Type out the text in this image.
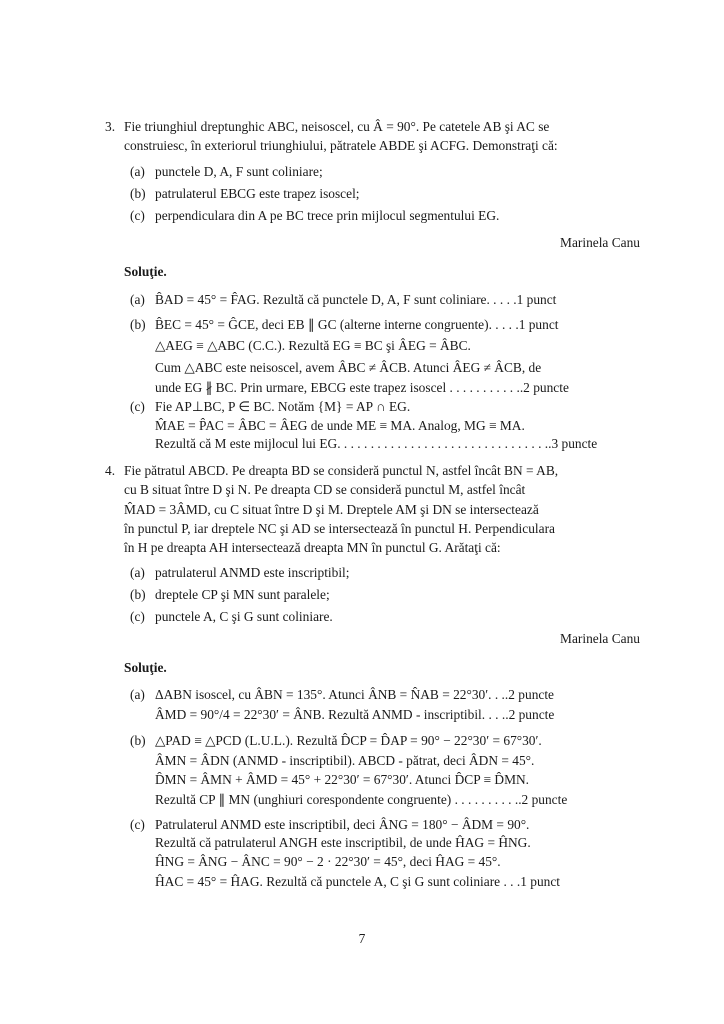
3. Fie triunghiul dreptunghic ABC, neisoscel, cu Â = 90°. Pe catetele AB şi AC se
construiesc, în exteriorul triunghiului, pătratele ABDE şi ACFG. Demonstraţi că:
(a) punctele D, A, F sunt coliniare;
(b) patrulaterul EBCG este trapez isoscel;
(c) perpendiculara din A pe BC trece prin mijlocul segmentului EG.
Marinela Canu
Soluţie.
(a) B̂AD = 45° = F̂AG. Rezultă că punctele D, A, F sunt coliniare. . . . .1 punct
(b) B̂EC = 45° = ĜCE, deci EB ∥ GC (alterne interne congruente). . . . .1 punct
△AEG ≡ △ABC (C.C.). Rezultă EG ≡ BC şi ÂEG = ÂBC.
Cum △ABC este neisoscel, avem ÂBC ≠ ÂCB. Atunci ÂEG ≠ ÂCB, de
unde EG ∦ BC. Prin urmare, EBCG este trapez isoscel . . . . . . . . . . ..2 puncte
(c) Fie AP⊥BC, P ∈ BC. Notăm {M} = AP ∩ EG.
M̂AE = P̂AC = ÂBC = ÂEG de unde ME ≡ MA. Analog, MG ≡ MA.
Rezultă că M este mijlocul lui EG. . . . . . . . . . . . . . . . . . . . . . . . . . . . . . . ..3 puncte
4. Fie pătratul ABCD. Pe dreapta BD se consideră punctul N, astfel încât BN = AB,
cu B situat între D şi N. Pe dreapta CD se consideră punctul M, astfel încât
M̂AD = 3ÂMD, cu C situat între D şi M. Dreptele AM şi DN se intersectează
în punctul P, iar dreptele NC şi AD se intersectează în punctul H. Perpendiculara
în H pe dreapta AH intersectează dreapta MN în punctul G. Arătaţi că:
(a) patrulaterul ANMD este inscriptibil;
(b) dreptele CP şi MN sunt paralele;
(c) punctele A, C şi G sunt coliniare.
Marinela Canu
Soluţie.
(a) ΔABN isoscel, cu ÂBN = 135°. Atunci ÂNB = N̂AB = 22°30′. . ..2 puncte
ÂMD = 90°/4 = 22°30′ = ÂNB. Rezultă ANMD - inscriptibil. . . ..2 puncte
(b) △PAD ≡ △PCD (L.U.L.). Rezultă D̂CP = D̂AP = 90° − 22°30′ = 67°30′.
ÂMN = ÂDN (ANMD - inscriptibil). ABCD - pătrat, deci ÂDN = 45°.
D̂MN = ÂMN + ÂMD = 45° + 22°30′ = 67°30′. Atunci D̂CP ≡ D̂MN.
Rezultă CP ∥ MN (unghiuri corespondente congruente) . . . . . . . . . ..2 puncte
(c) Patrulaterul ANMD este inscriptibil, deci ÂNG = 180° − ÂDM = 90°.
Rezultă că patrulaterul ANGH este inscriptibil, de unde ĤAG = ĤNG.
ĤNG = ÂNG − ÂNC = 90° − 2 · 22°30′ = 45°, deci ĤAG = 45°.
ĤAC = 45° = ĤAG. Rezultă că punctele A, C şi G sunt coliniare . . .1 punct
7
